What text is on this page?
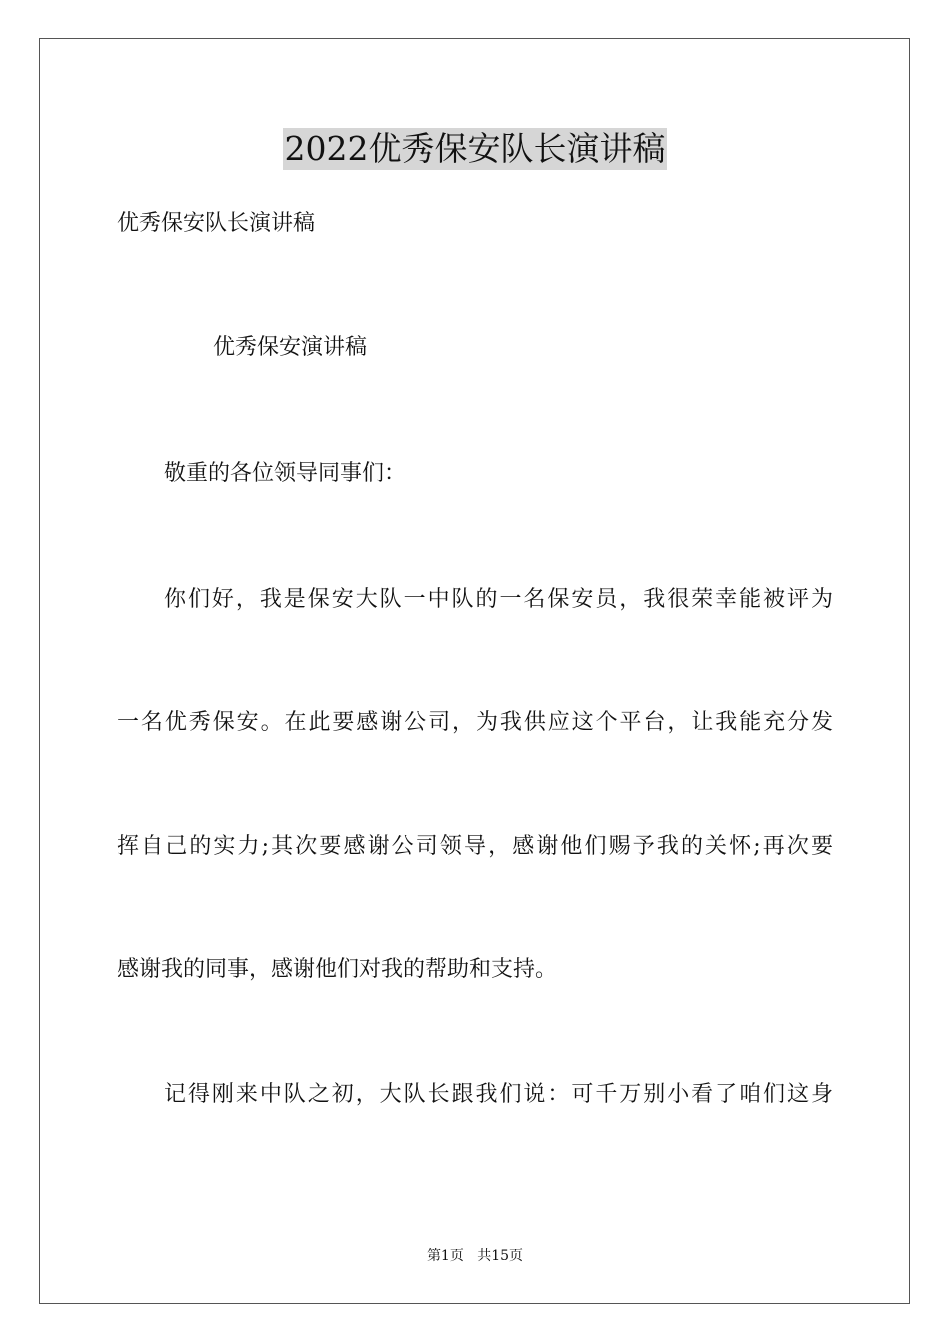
2022优秀保安队长演讲稿

优秀保安队长演讲稿

优秀保安演讲稿

敬重的各位领导同事们：

你们好，我是保安大队一中队的一名保安员，我很荣幸能被评为

一名优秀保安。在此要感谢公司，为我供应这个平台，让我能充分发

挥自己的实力;其次要感谢公司领导，感谢他们赐予我的关怀;再次要

感谢我的同事，感谢他们对我的帮助和支持。

记得刚来中队之初，大队长跟我们说：可千万别小看了咱们这身

第1页 共15页
